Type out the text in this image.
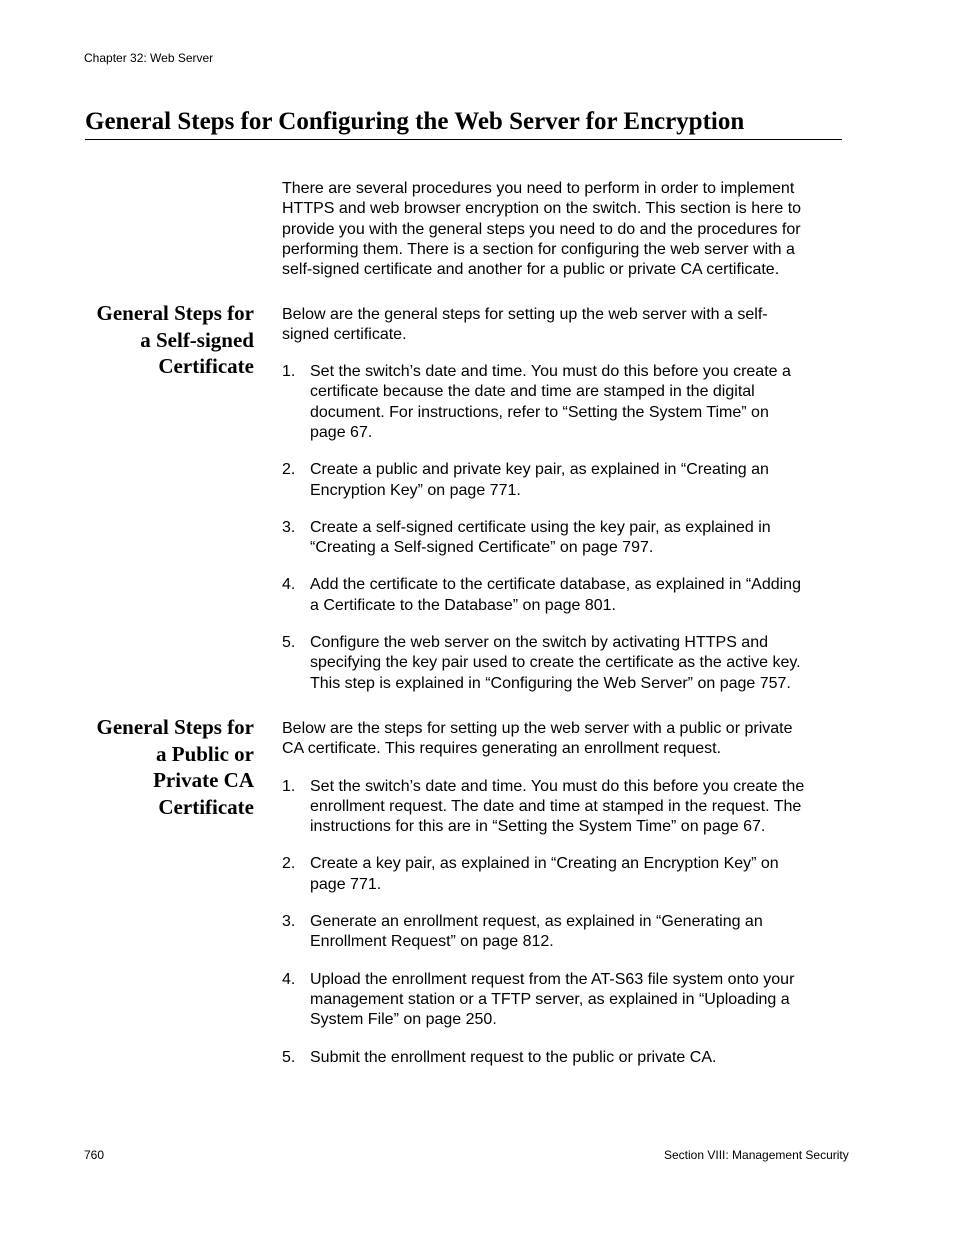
Chapter 32: Web Server
General Steps for Configuring the Web Server for Encryption

There are several procedures you need to perform in order to implement
HTTPS and web browser encryption on the switch. This section is here to
provide you with the general steps you need to do and the procedures for
performing them. There is a section for configuring the web server with a
self-signed certificate and another for a public or private CA certificate.

General Steps for
a Self-signed
Certificate

Below are the general steps for setting up the web server with a self-
signed certificate.

1. Set the switch’s date and time. You must do this before you create a
certificate because the date and time are stamped in the digital
document. For instructions, refer to “Setting the System Time” on
page 67.
2. Create a public and private key pair, as explained in “Creating an
Encryption Key” on page 771.
3. Create a self-signed certificate using the key pair, as explained in
“Creating a Self-signed Certificate” on page 797.
4. Add the certificate to the certificate database, as explained in “Adding
a Certificate to the Database” on page 801.
5. Configure the web server on the switch by activating HTTPS and
specifying the key pair used to create the certificate as the active key.
This step is explained in “Configuring the Web Server” on page 757.
General Steps for
a Public or
Private CA
Certificate

Below are the steps for setting up the web server with a public or private
CA certificate. This requires generating an enrollment request.

1. Set the switch’s date and time. You must do this before you create the
enrollment request. The date and time at stamped in the request. The
instructions for this are in “Setting the System Time” on page 67.
2. Create a key pair, as explained in “Creating an Encryption Key” on
page 771.
3. Generate an enrollment request, as explained in “Generating an
Enrollment Request” on page 812.
4. Upload the enrollment request from the AT-S63 file system onto your
management station or a TFTP server, as explained in “Uploading a
System File” on page 250.
5. Submit the enrollment request to the public or private CA.
760	Section VIII: Management Security
